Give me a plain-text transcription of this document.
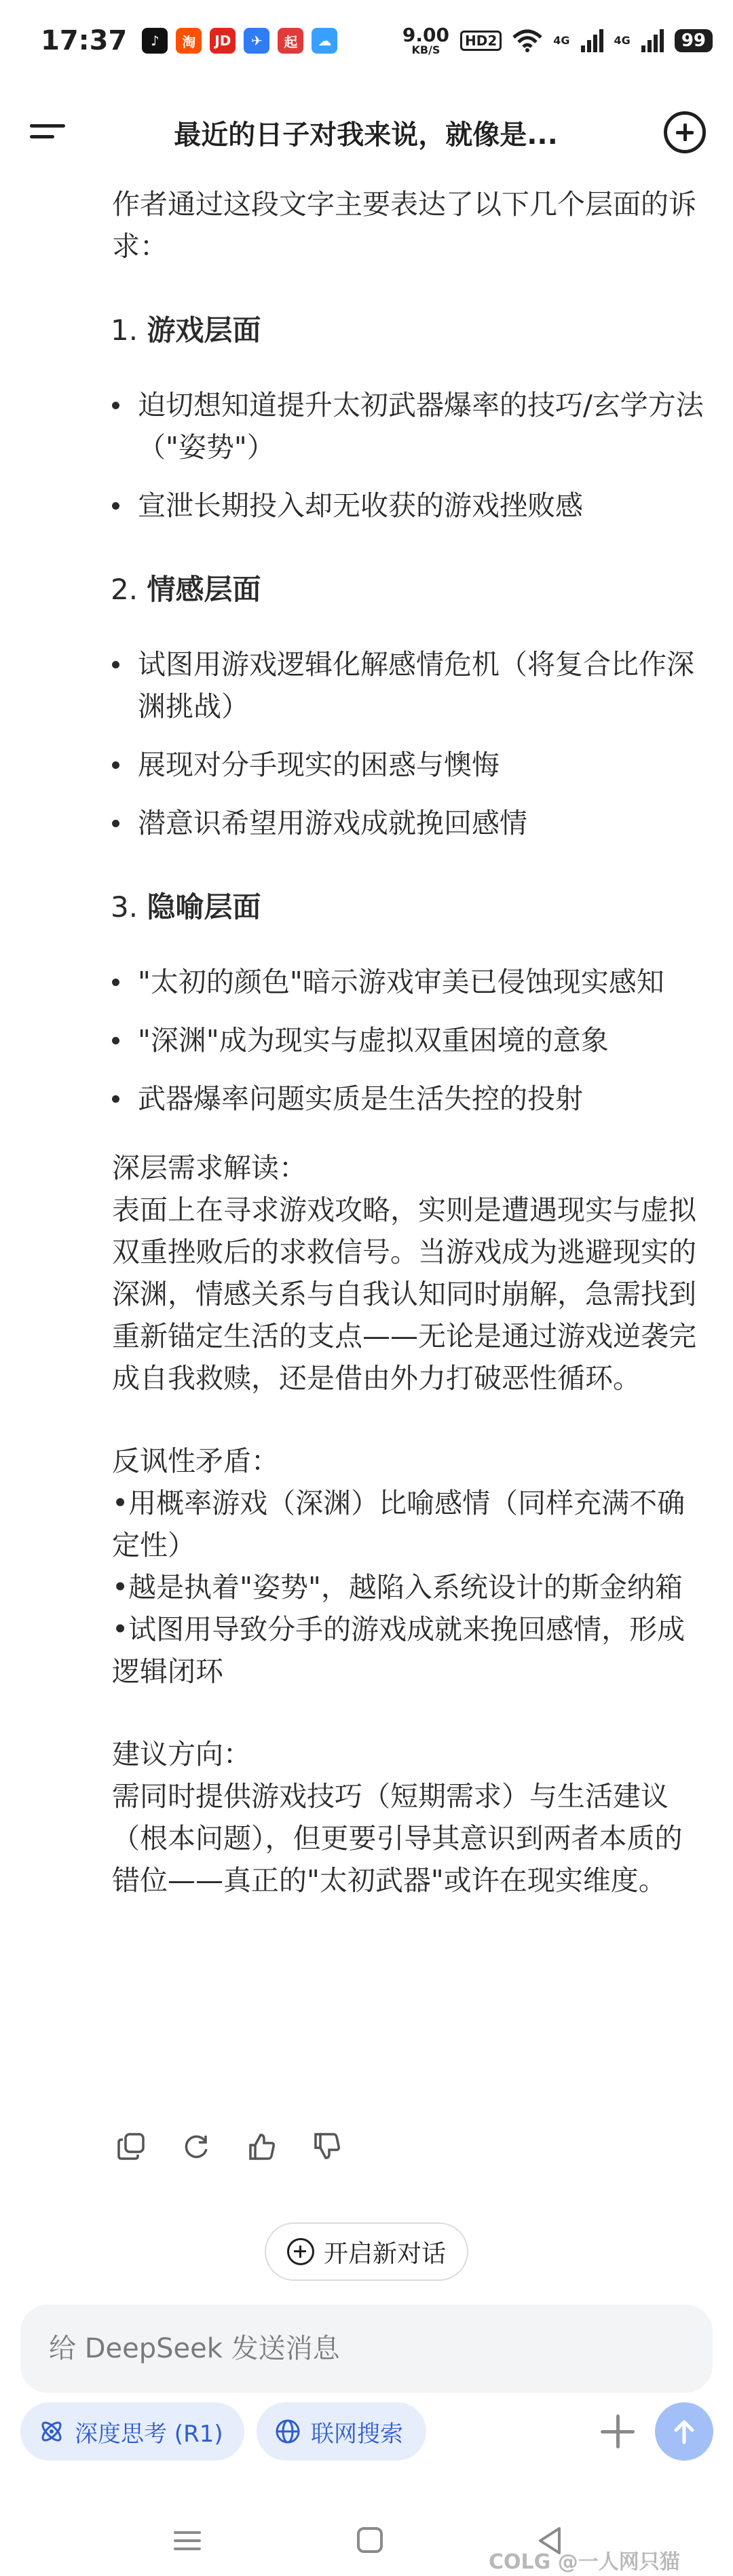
17:37	♪	淘	JD	✈	起	☁	9.00
KB/S
HD2	4G	4G	99
最近的日子对我来说，就像是...
作者通过这段文字主要表达了以下几个层面的诉求：
1. 游戏层面
迫切想知道提升太初武器爆率的技巧/玄学方法（"姿势"）
宣泄长期投入却无收获的游戏挫败感
2. 情感层面
试图用游戏逻辑化解感情危机（将复合比作深渊挑战）
展现对分手现实的困惑与懊悔
潜意识希望用游戏成就挽回感情
3. 隐喻层面
"太初的颜色"暗示游戏审美已侵蚀现实感知
"深渊"成为现实与虚拟双重困境的意象
武器爆率问题实质是生活失控的投射
深层需求解读：
表面上在寻求游戏攻略，实则是遭遇现实与虚拟双重挫败后的求救信号。当游戏成为逃避现实的深渊，情感关系与自我认知同时崩解，急需找到重新锚定生活的支点——无论是通过游戏逆袭完成自我救赎，还是借由外力打破恶性循环。
反讽性矛盾：
•用概率游戏（深渊）比喻感情（同样充满不确定性）
•越是执着"姿势"，越陷入系统设计的斯金纳箱
•试图用导致分手的游戏成就来挽回感情，形成逻辑闭环
建议方向：
需同时提供游戏技巧（短期需求）与生活建议（根本问题），但更要引导其意识到两者本质的错位——真正的"太初武器"或许在现实维度。
开启新对话
给 DeepSeek 发送消息
深度思考 (R1)	联网搜索
COLG @一人网只猫
